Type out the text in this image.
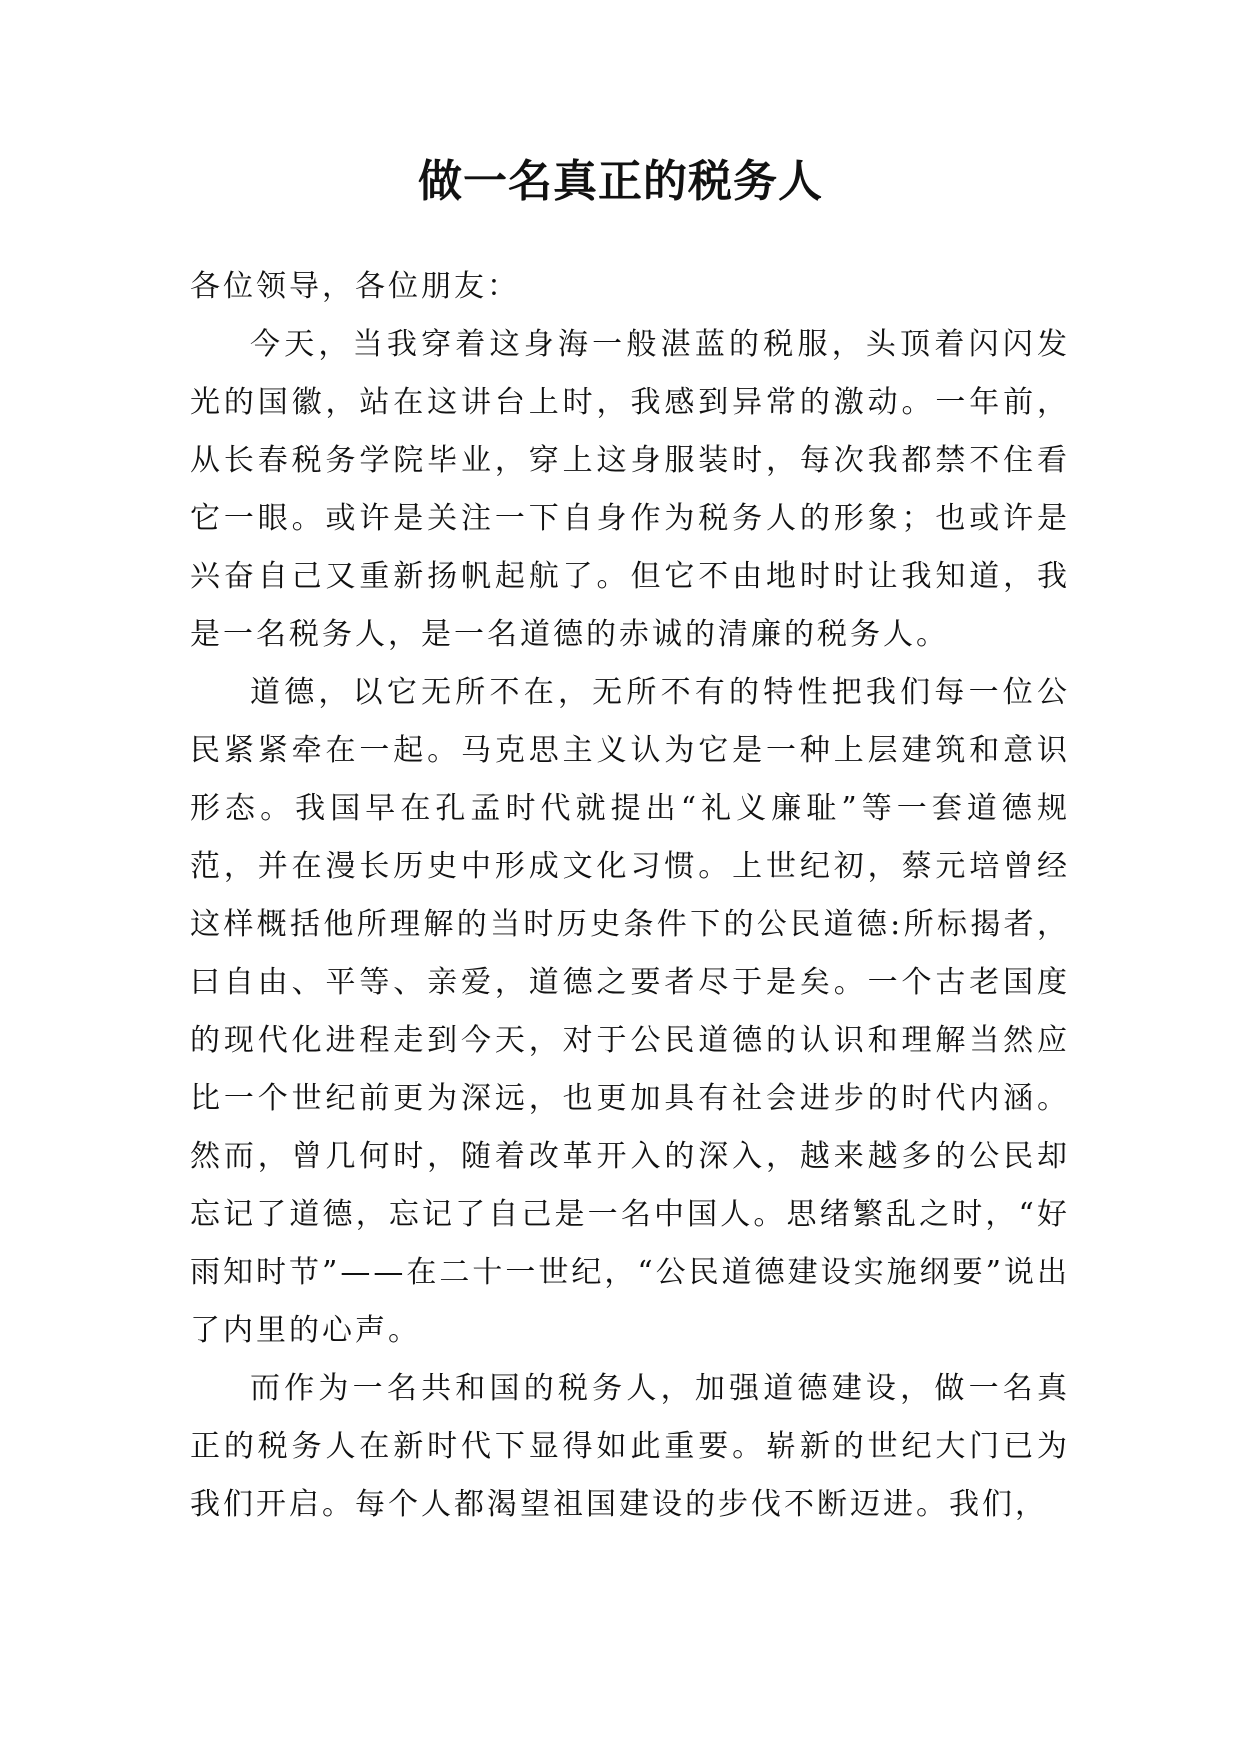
做一名真正的税务人

各位领导，各位朋友：

今天，当我穿着这身海一般湛蓝的税服，头顶着闪闪发光的国徽，站在这讲台上时，我感到异常的激动。一年前，从长春税务学院毕业，穿上这身服装时，每次我都禁不住看它一眼。或许是关注一下自身作为税务人的形象；也或许是兴奋自己又重新扬帆起航了。但它不由地时时让我知道，我是一名税务人，是一名道德的赤诚的清廉的税务人。

道德，以它无所不在，无所不有的特性把我们每一位公民紧紧牵在一起。马克思主义认为它是一种上层建筑和意识形态。我国早在孔孟时代就提出“礼义廉耻”等一套道德规范，并在漫长历史中形成文化习惯。上世纪初，蔡元培曾经这样概括他所理解的当时历史条件下的公民道德:所标揭者，曰自由、平等、亲爱，道德之要者尽于是矣。一个古老国度的现代化进程走到今天，对于公民道德的认识和理解当然应比一个世纪前更为深远，也更加具有社会进步的时代内涵。然而，曾几何时，随着改革开入的深入，越来越多的公民却忘记了道德，忘记了自己是一名中国人。思绪繁乱之时，“好雨知时节”——在二十一世纪，“公民道德建设实施纲要”说出了内里的心声。

而作为一名共和国的税务人，加强道德建设，做一名真正的税务人在新时代下显得如此重要。崭新的世纪大门已为我们开启。每个人都渴望祖国建设的步伐不断迈进。我们，
